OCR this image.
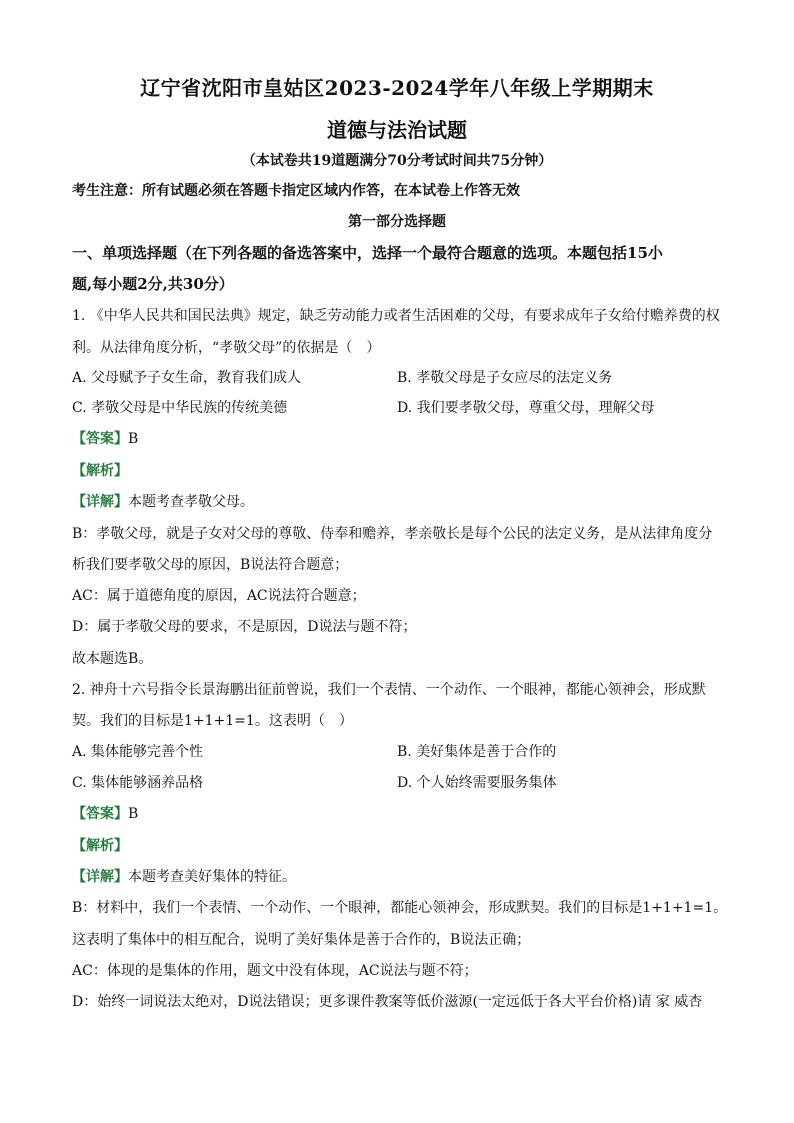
辽宁省沈阳市皇姑区2023-2024学年八年级上学期期末
道德与法治试题
（本试卷共19道题满分70分考试时间共75分钟）
考生注意：所有试题必须在答题卡指定区域内作答，在本试卷上作答无效
第一部分选择题
一、单项选择题（在下列各题的备选答案中，选择一个最符合题意的选项。本题包括15小
题,每小题2分,共30分）
1. 《中华人民共和国民法典》规定，缺乏劳动能力或者生活困难的父母，有要求成年子女给付赡养费的权
利。从法律角度分析，“孝敬父母”的依据是（　）
A. 父母赋予子女生命，教育我们成人	B. 孝敬父母是子女应尽的法定义务
C. 孝敬父母是中华民族的传统美德	D. 我们要孝敬父母，尊重父母，理解父母
【答案】B
【解析】
【详解】本题考查孝敬父母。
B：孝敬父母，就是子女对父母的尊敬、侍奉和赡养，孝亲敬长是每个公民的法定义务，是从法律角度分
析我们要孝敬父母的原因，B说法符合题意；
AC：属于道德角度的原因，AC说法符合题意；
D：属于孝敬父母的要求，不是原因，D说法与题不符；
故本题选B。
2. 神舟十六号指令长景海鹏出征前曾说，我们一个表情、一个动作、一个眼神，都能心领神会，形成默
契。我们的目标是1+1+1=1。这表明（　）
A. 集体能够完善个性	B. 美好集体是善于合作的
C. 集体能够涵养品格	D. 个人始终需要服务集体
【答案】B
【解析】
【详解】本题考查美好集体的特征。
B：材料中，我们一个表情、一个动作、一个眼神，都能心领神会，形成默契。我们的目标是1+1+1=1。
这表明了集体中的相互配合，说明了美好集体是善于合作的，B说法正确；
AC：体现的是集体的作用，题文中没有体现，AC说法与题不符；
D：始终一词说法太绝对，D说法错误；更多课件教案等低价滋源(一定远低于各大平台价格)请 家 威杏
